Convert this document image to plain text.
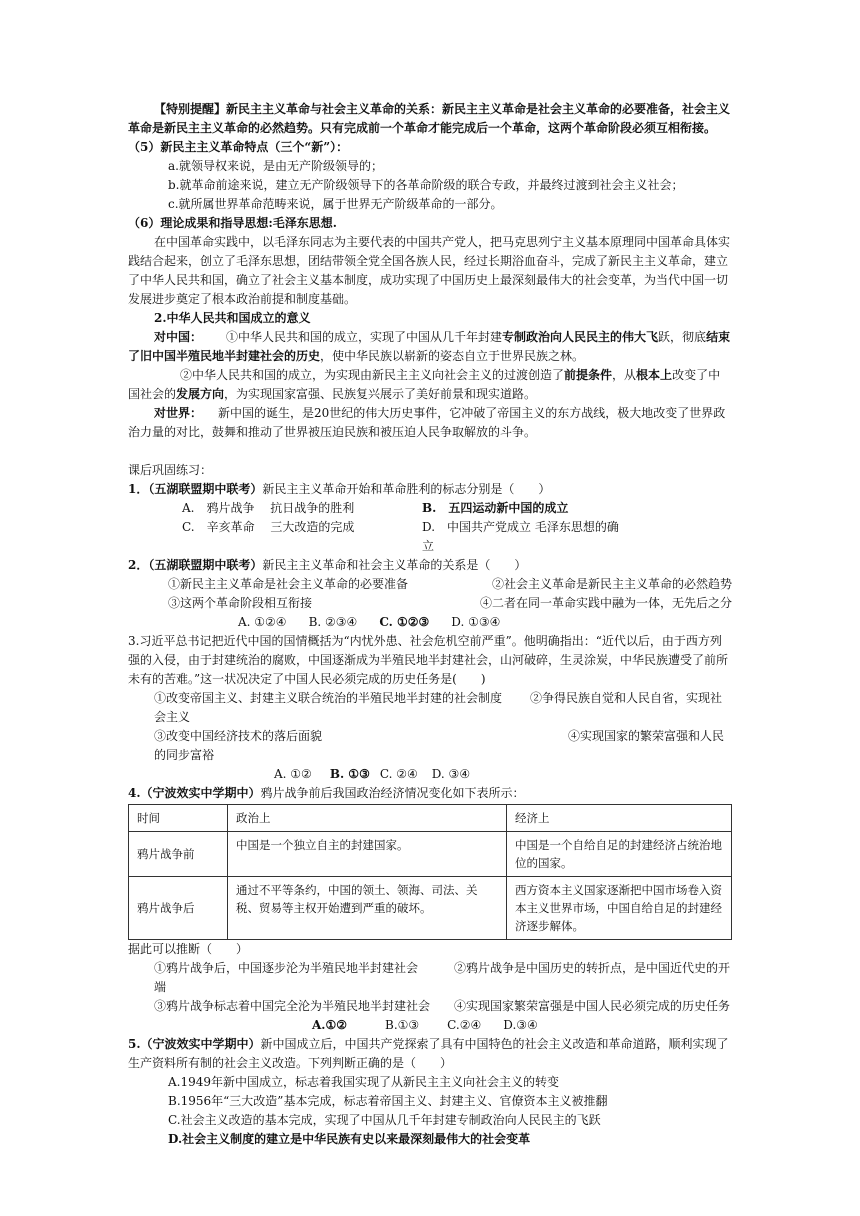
【特别提醒】新民主主义革命与社会主义革命的关系：新民主主义革命是社会主义革命的必要准备，社会主义革命是新民主主义革命的必然趋势。只有完成前一个革命才能完成后一个革命，这两个革命阶段必须互相衔接。

（5）新民主主义革命特点（三个“新”）：

a.就领导权来说，是由无产阶级领导的；

b.就革命前途来说，建立无产阶级领导下的各革命阶级的联合专政，并最终过渡到社会主义社会；

c.就所属世界革命范畴来说，属于世界无产阶级革命的一部分。

（6）理论成果和指导思想:毛泽东思想.

在中国革命实践中，以毛泽东同志为主要代表的中国共产党人，把马克思列宁主义基本原理同中国革命具体实践结合起来，创立了毛泽东思想，团结带领全党全国各族人民，经过长期浴血奋斗，完成了新民主主义革命，建立了中华人民共和国，确立了社会主义基本制度，成功实现了中国历史上最深刻最伟大的社会变革，为当代中国一切发展进步奠定了根本政治前提和制度基础。

2.中华人民共和国成立的意义

对中国： ①中华人民共和国的成立，实现了中国从几千年封建专制政治向人民民主的伟大飞跃，彻底结束了旧中国半殖民地半封建社会的历史，使中华民族以崭新的姿态自立于世界民族之林。

②中华人民共和国的成立，为实现由新民主主义向社会主义的过渡创造了前提条件，从根本上改变了中国社会的发展方向，为实现国家富强、民族复兴展示了美好前景和现实道路。

对世界： 新中国的诞生，是20世纪的伟大历史事件，它冲破了帝国主义的东方战线，极大地改变了世界政治力量的对比，鼓舞和推动了世界被压迫民族和被压迫人民争取解放的斗争。

课后巩固练习：

1．（五湖联盟期中联考）新民主主义革命开始和革命胜利的标志分别是（　　）

A.　鸦片战争　 抗日战争的胜利	B.　五四运动新中国的成立
C.　辛亥革命　 三大改造的完成	D.　中国共产党成立 毛泽东思想的确立

2．（五湖联盟期中联考）新民主主义革命和社会主义革命的关系是（　　）

①新民主主义革命是社会主义革命的必要准备	②社会主义革命是新民主主义革命的必然趋势
③这两个革命阶段相互衔接	④二者在同一革命实践中融为一体，无先后之分

A. ①②④ B. ②③④ C. ①②③ D. ①③④

3.习近平总书记把近代中国的国情概括为“内忧外患、社会危机空前严重”。他明确指出：“近代以后，由于西方列强的入侵，由于封建统治的腐败，中国逐渐成为半殖民地半封建社会，山河破碎，生灵涂炭，中华民族遭受了前所未有的苦难。”这一状况决定了中国人民必须完成的历史任务是(　　)

①改变帝国主义、封建主义联合统治的半殖民地半封建的社会制度 ②争得民族自觉和人民自省，实现社会主义

③改变中国经济技术的落后面貌	④实现国家的繁荣富强和人民的同步富裕

A. ①② B. ①③ C. ②④ D. ③④

4.（宁波效实中学期中）鸦片战争前后我国政治经济情况变化如下表所示：

时间	政治上	经济上
鸦片战争前	中国是一个独立自主的封建国家。	中国是一个自给自足的封建经济占统治地位的国家。
鸦片战争后	通过不平等条约，中国的领土、领海、司法、关税、贸易等主权开始遭到严重的破坏。	西方资本主义国家逐渐把中国市场卷入资本主义世界市场，中国自给自足的封建经济逐步解体。

据此可以推断（　　）

①鸦片战争后，中国逐步沦为半殖民地半封建社会　　　②鸦片战争是中国历史的转折点，是中国近代史的开端

③鸦片战争标志着中国完全沦为半殖民地半封建社会　　④实现国家繁荣富强是中国人民必须完成的历史任务

A.①②	B.①③ C.②④ D.③④

5.（宁波效实中学期中）新中国成立后，中国共产党探索了具有中国特色的社会主义改造和革命道路，顺利实现了生产资料所有制的社会主义改造。下列判断正确的是（　　）

A.1949年新中国成立，标志着我国实现了从新民主主义向社会主义的转变

B.1956年“三大改造”基本完成，标志着帝国主义、封建主义、官僚资本主义被推翻

C.社会主义改造的基本完成，实现了中国从几千年封建专制政治向人民民主的飞跃

D.社会主义制度的建立是中华民族有史以来最深刻最伟大的社会变革
